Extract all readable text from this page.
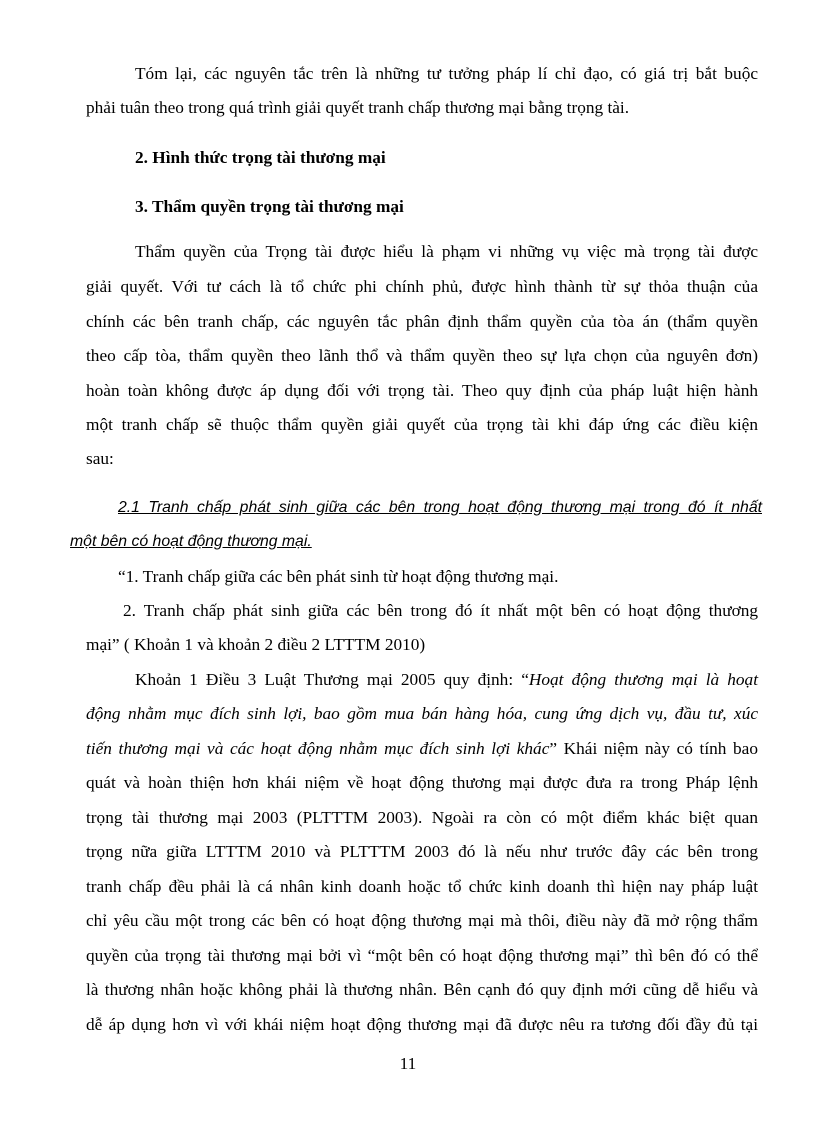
Tóm lại, các nguyên tắc trên là những tư tưởng pháp lí chỉ đạo, có giá trị bắt buộc
phải tuân theo trong quá trình giải quyết tranh chấp thương mại bằng trọng tài.
2. Hình thức trọng tài thương mại
3. Thẩm quyền trọng tài thương mại
Thẩm quyền của Trọng tài được hiểu là phạm vi những vụ việc mà trọng tài được
giải quyết. Với tư cách là tổ chức phi chính phủ, được hình thành từ sự thỏa thuận của
chính các bên tranh chấp, các nguyên tắc phân định thẩm quyền của tòa án (thẩm quyền
theo cấp tòa, thẩm quyền theo lãnh thổ và thẩm quyền theo sự lựa chọn của nguyên đơn)
hoàn toàn không được áp dụng đối với trọng tài. Theo quy định của pháp luật hiện hành
một tranh chấp sẽ thuộc thẩm quyền giải quyết của trọng tài khi đáp ứng các điều kiện
sau:
2.1 Tranh chấp phát sinh giữa các bên trong hoạt động thương mại trong đó ít nhất
một bên có hoạt động thương mại.
“1. Tranh chấp giữa các bên phát sinh từ hoạt động thương mại.
2. Tranh chấp phát sinh giữa các bên trong đó ít nhất một bên có hoạt động thương
mại” ( Khoản 1 và khoản 2 điều 2 LTTTM 2010)
Khoản 1 Điều 3 Luật Thương mại 2005 quy định: “Hoạt động thương mại là hoạt
động nhằm mục đích sinh lợi, bao gồm mua bán hàng hóa, cung ứng dịch vụ, đầu tư, xúc
tiến thương mại và các hoạt động nhằm mục đích sinh lợi khác” Khái niệm này có tính bao
quát và hoàn thiện hơn khái niệm về hoạt động thương mại được đưa ra trong Pháp lệnh
trọng tài thương mại 2003 (PLTTTM 2003). Ngoài ra còn có một điểm khác biệt quan
trọng nữa giữa LTTTM 2010 và PLTTTM 2003 đó là nếu như trước đây các bên trong
tranh chấp đều phải là cá nhân kinh doanh hoặc tổ chức kinh doanh thì hiện nay pháp luật
chỉ yêu cầu một trong các bên có hoạt động thương mại mà thôi, điều này đã mở rộng thẩm
quyền của trọng tài thương mại bởi vì “một bên có hoạt động thương mại” thì bên đó có thể
là thương nhân hoặc không phải là thương nhân. Bên cạnh đó quy định mới cũng dễ hiểu và
dễ áp dụng hơn vì với khái niệm hoạt động thương mại đã được nêu ra tương đối đầy đủ tại
11
